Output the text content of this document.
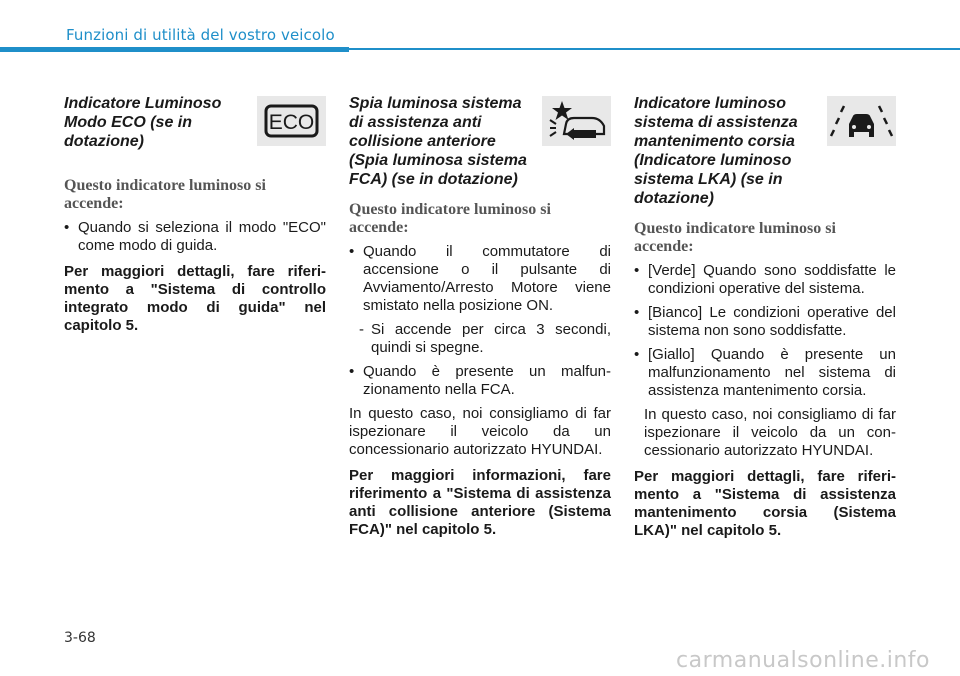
Funzioni di utilità del vostro veicolo

Indicatore Luminoso Modo ECO (se in dotazione)

Questo indicatore luminoso si accende:

• Quando si seleziona il modo "ECO" come modo di guida.

Per maggiori dettagli, fare riferi-mento a "Sistema di controllo integrato modo di guida" nel capitolo 5.

ECO

Spia luminosa sistema di assistenza anti collisione anteriore (Spia luminosa sistema FCA) (se in dotazione)

Questo indicatore luminoso si accende:

• Quando il commutatore di accensione o il pulsante di Avviamento/Arresto Motore viene smistato nella posizione ON.

- Si accende per circa 3 secondi, quindi si spegne.

• Quando è presente un malfun-zionamento nella FCA.

In questo caso, noi consigliamo di far ispezionare il veicolo da un concessionario autorizzato HYUNDAI.

Per maggiori informazioni, fare riferimento a "Sistema di assistenza anti collisione anteriore (Sistema FCA)" nel capitolo 5.

Indicatore luminoso sistema di assistenza mantenimento corsia (Indicatore luminoso sistema LKA) (se in dotazione)

Questo indicatore luminoso si accende:

• [Verde] Quando sono soddisfatte le condizioni operative del sistema.

• [Bianco] Le condizioni operative del sistema non sono soddisfatte.

• [Giallo] Quando è presente un malfunzionamento nel sistema di assistenza mantenimento corsia.

In questo caso, noi consigliamo di far ispezionare il veicolo da un con-cessionario autorizzato HYUNDAI.

Per maggiori dettagli, fare riferi-mento a "Sistema di assistenza mantenimento corsia (Sistema LKA)" nel capitolo 5.

3-68
carmanualsonline.info
